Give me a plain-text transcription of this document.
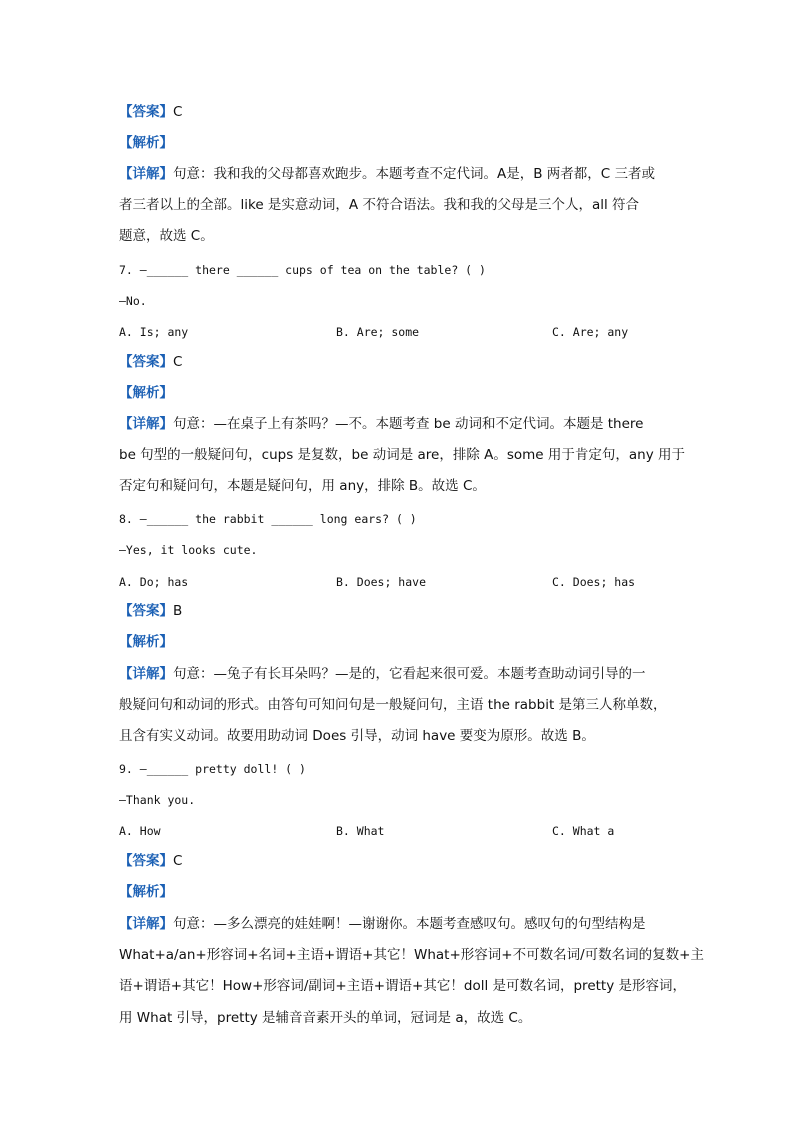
【答案】C
【解析】
【详解】句意：我和我的父母都喜欢跑步。本题考查不定代词。A是，B 两者都，C 三者或
者三者以上的全部。like 是实意动词，A 不符合语法。我和我的父母是三个人，all 符合
题意，故选 C。
7. —______ there ______ cups of tea on the table? ( )
—No.
A. Is; any	B. Are; some	C. Are; any
【答案】C
【解析】
【详解】句意：—在桌子上有茶吗？—不。本题考查 be 动词和不定代词。本题是 there
be 句型的一般疑问句，cups 是复数，be 动词是 are，排除 A。some 用于肯定句，any 用于
否定句和疑问句，本题是疑问句，用 any，排除 B。故选 C。
8. —______ the rabbit ______ long ears? ( )
—Yes, it looks cute.
A. Do; has	B. Does; have	C. Does; has
【答案】B
【解析】
【详解】句意：—兔子有长耳朵吗？—是的，它看起来很可爱。本题考查助动词引导的一
般疑问句和动词的形式。由答句可知问句是一般疑问句，主语 the rabbit 是第三人称单数，
且含有实义动词。故要用助动词 Does 引导，动词 have 要变为原形。故选 B。
9. —______ pretty doll! ( )
—Thank you.
A. How	B. What	C. What a
【答案】C
【解析】
【详解】句意：—多么漂亮的娃娃啊！—谢谢你。本题考查感叹句。感叹句的句型结构是
What+a/an+形容词+名词+主语+谓语+其它！What+形容词+不可数名词/可数名词的复数+主
语+谓语+其它！How+形容词/副词+主语+谓语+其它！doll 是可数名词，pretty 是形容词，
用 What 引导，pretty 是辅音音素开头的单词，冠词是 a，故选 C。
